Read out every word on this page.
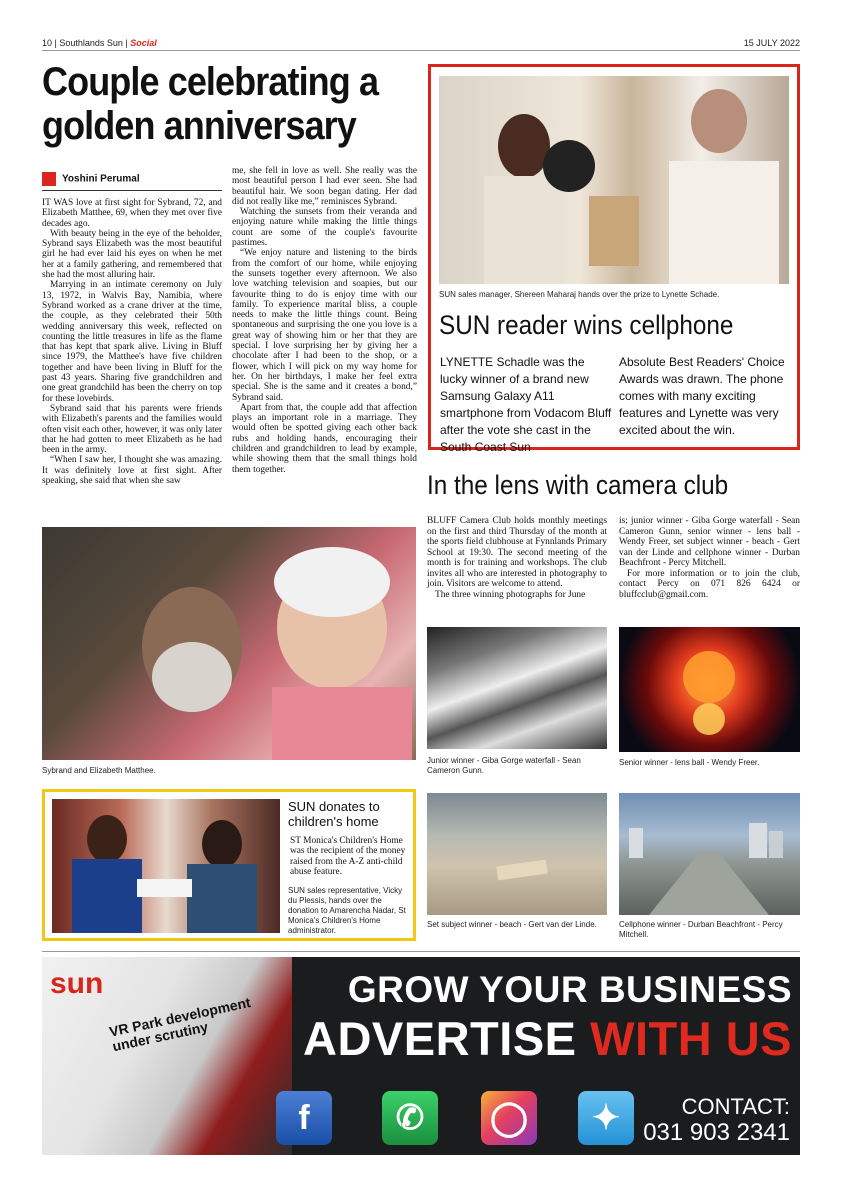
10 | Southlands Sun | Social	15 JULY 2022
Couple celebrating a golden anniversary
Yoshini Perumal

IT WAS love at first sight for Sybrand, 72, and Elizabeth Matthee, 69, when they met over five decades ago.

With beauty being in the eye of the beholder, Sybrand says Elizabeth was the most beautiful girl he had ever laid his eyes on when he met her at a family gathering, and remembered that she had the most alluring hair.

Marrying in an intimate ceremony on July 13, 1972, in Walvis Bay, Namibia, where Sybrand worked as a crane driver at the time, the couple, as they celebrated their 50th wedding anniversary this week, reflected on counting the little treasures in life as the flame that has kept that spark alive. Living in Bluff since 1979, the Matthee's have five children together and have been living in Bluff for the past 43 years. Sharing five grandchildren and one great grandchild has been the cherry on top for these lovebirds.

Sybrand said that his parents were friends with Elizabeth's parents and the families would often visit each other, however, it was only later that he had gotten to meet Elizabeth as he had been in the army.

“When I saw her, I thought she was amazing. It was definitely love at first sight. After speaking, she said that when she saw

me, she fell in love as well. She really was the most beautiful person I had ever seen. She had beautiful hair. We soon began dating. Her dad did not really like me,” reminisces Sybrand.

Watching the sunsets from their veranda and enjoying nature while making the little things count are some of the couple's favourite pastimes.

“We enjoy nature and listening to the birds from the comfort of our home, while enjoying the sunsets together every afternoon. We also love watching television and soapies, but our favourite thing to do is enjoy time with our family. To experience marital bliss, a couple needs to make the little things count. Being spontaneous and surprising the one you love is a great way of showing him or her that they are special. I love surprising her by giving her a chocolate after I had been to the shop, or a flower, which I will pick on my way home for her. On her birthdays, I make her feel extra special. She is the same and it creates a bond,” Sybrand said.

Apart from that, the couple add that affection plays an important role in a marriage. They would often be spotted giving each other back rubs and holding hands, encouraging their children and grandchildren to lead by example, while showing them that the small things hold them together.

Sybrand and Elizabeth Matthee.
SUN sales manager, Shereen Maharaj hands over the prize to Lynette Schade.
SUN reader wins cellphone
LYNETTE Schadle was the lucky winner of a brand new Samsung Galaxy A11 smartphone from Vodacom Bluff after the vote she cast in the South Coast Sun
Absolute Best Readers' Choice Awards was drawn. The phone comes with many exciting features and Lynette was very excited about the win.
In the lens with camera club

BLUFF Camera Club holds monthly meetings on the first and third Thursday of the month at the sports field clubhouse at Fynnlands Primary School at 19:30. The second meeting of the month is for training and workshops. The club invites all who are interested in photography to join. Visitors are welcome to attend.

The three winning photographs for June

is; junior winner - Giba Gorge waterfall - Sean Cameron Gunn, senior winner - lens ball - Wendy Freer, set subject winner - beach - Gert van der Linde and cellphone winner - Durban Beachfront - Percy Mitchell.

For more information or to join the club, contact Percy on 071 826 6424 or bluffcclub@gmail.com.

Junior winner - Giba Gorge waterfall - Sean Cameron Gunn.
Senior winner - lens ball - Wendy Freer.
Set subject winner - beach - Gert van der Linde.	Cellphone winner - Durban Beachfront - Percy Mitchell.
SUN donates to
children's home
ST Monica's Children's Home was the recipient of the money raised from the A-Z anti-child abuse feature.
SUN sales representative, Vicky du Plessis, hands over the donation to Amarencha Nadar, St Monica's Children's Home administrator.
sun
VR Park development under scrutiny
GROW YOUR BUSINESS
ADVERTISE WITH US
f	✆	◯	✦	CONTACT:
031 903 2341
